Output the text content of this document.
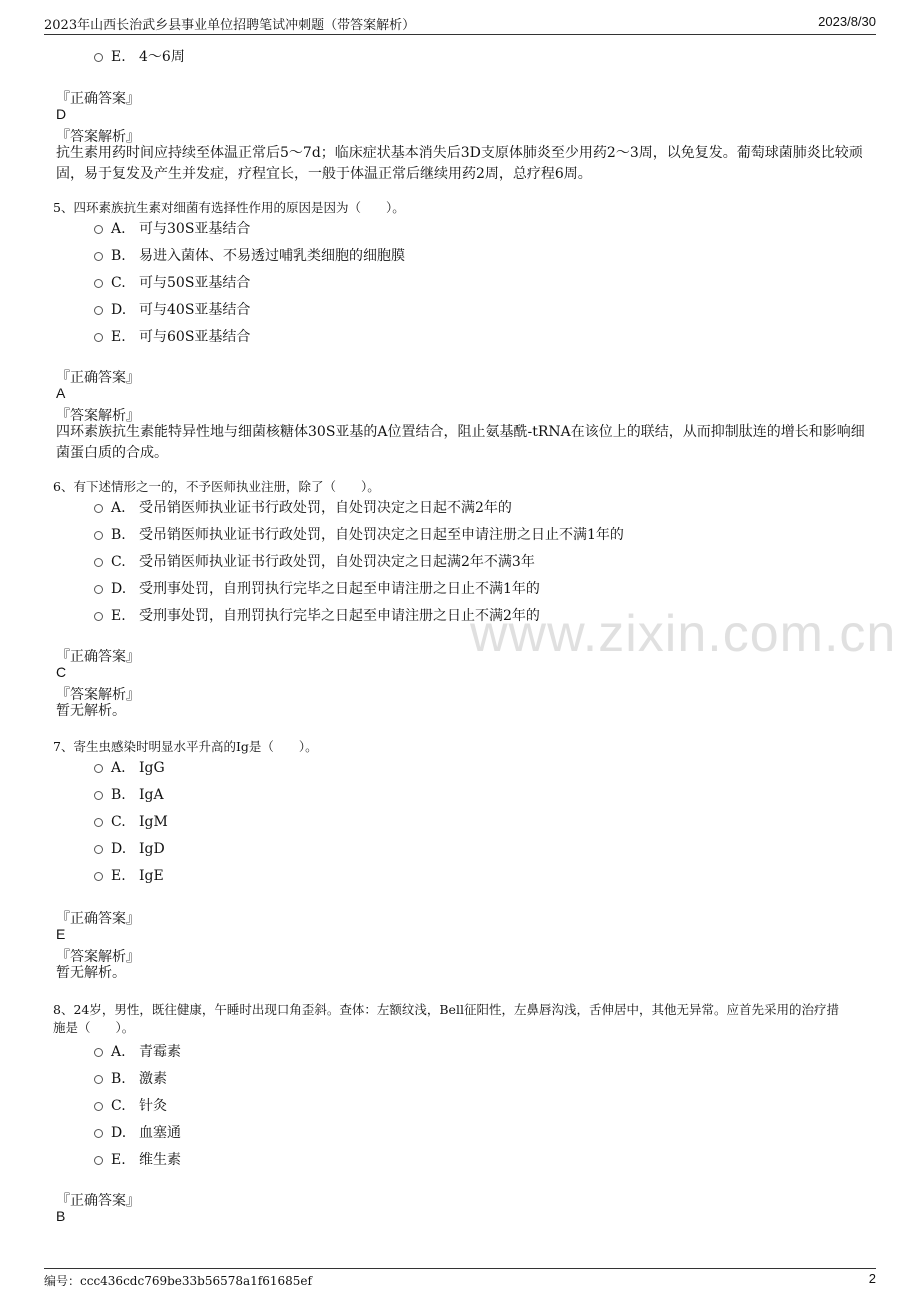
2023年山西长治武乡县事业单位招聘笔试冲刺题（带答案解析）	2023/8/30
www.zixin.com.cn
E. 4～6周
『正确答案』
D
『答案解析』
抗生素用药时间应持续至体温正常后5～7d；临床症状基本消失后3D支原体肺炎至少用药2～3周，以免复发。葡萄球菌肺炎比较顽固，易于复发及产生并发症，疗程宜长，一般于体温正常后继续用药2周，总疗程6周。
5、四环素族抗生素对细菌有选择性作用的原因是因为（　　）。
A. 可与30S亚基结合
B. 易进入菌体、不易透过哺乳类细胞的细胞膜
C. 可与50S亚基结合
D. 可与40S亚基结合
E. 可与60S亚基结合
『正确答案』
A
『答案解析』
四环素族抗生素能特异性地与细菌核糖体30S亚基的A位置结合，阻止氨基酰-tRNA在该位上的联结，从而抑制肽连的增长和影响细菌蛋白质的合成。
6、有下述情形之一的，不予医师执业注册，除了（　　）。
A. 受吊销医师执业证书行政处罚，自处罚决定之日起不满2年的
B. 受吊销医师执业证书行政处罚，自处罚决定之日起至申请注册之日止不满1年的
C. 受吊销医师执业证书行政处罚，自处罚决定之日起满2年不满3年
D. 受刑事处罚，自刑罚执行完毕之日起至申请注册之日止不满1年的
E. 受刑事处罚，自刑罚执行完毕之日起至申请注册之日止不满2年的
『正确答案』
C
『答案解析』
暂无解析。
7、寄生虫感染时明显水平升高的Ig是（　　）。
A. IgG
B. IgA
C. IgM
D. IgD
E. IgE
『正确答案』
E
『答案解析』
暂无解析。
8、24岁，男性，既往健康，午睡时出现口角歪斜。查体：左额纹浅，Bell征阳性，左鼻唇沟浅，舌伸居中，其他无异常。应首先采用的治疗措
施是（　　）。
A. 青霉素
B. 激素
C. 针灸
D. 血塞通
E. 维生素
『正确答案』
B
编号：ccc436cdc769be33b56578a1f61685ef	2
